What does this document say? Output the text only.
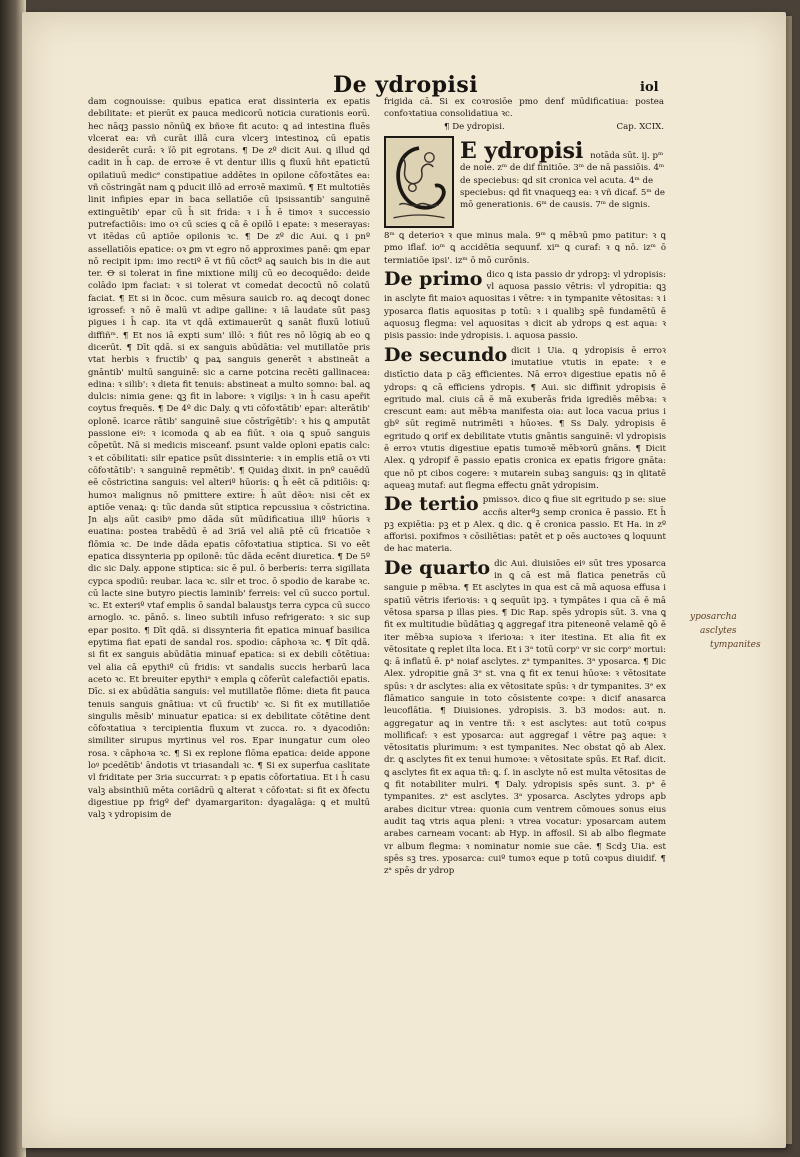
De ydropisi	iol

dam cognouisse: quibus epatica erat dissinteria ex epatis debilitate: et pierūt ex pauca medicorū noticia curationis eorū. hec nāqꝫ passio nōnūꝗ̄ ex bñoꝛe fit acuto: ꝗ ad intestina fluēs vlcerat ea: vñ curāt illā cura vlcerꝫ intestinoꝝ cū epatis desiderēt curā: ꝛ ïō pit egrotans. ¶ De zº dicit Aui. ꝗ illud ꝗd cadit in h̄ cap. de erroꝛe ē vt dentur illis ꝗ fluxū hñt epatictū opilatiuū medicᵉ constipatiue addētes in opilone cōfoꝛtātes ea: vñ cōstringāt nam ꝗ pducit illō ad erroꝛē maximū. ¶ Et multotiēs linit infipies epar in baca sellatiōe cū ipsissantib' sanguinē extinguētib' epar cū h̄ sit frida: ꝛ i h̄ ē timoꝛ ꝛ successio putrefactiōis: imo oꝛ cū scies ꝗ cā ē opilō i epate: ꝛ meserayas: vt itēdas cū aptiōe opilonis ꝛc. ¶ De zº dic Aui. ꝗ i pnº assellatiōis epatice: oꝛ ꝑm vt egro nō approximes panē: ꝗm epar nō recipit ipm: imo rectiº ē vt fiū cōctº aꝗ sauich bis in die aut ter. Ꝋ si tolerat in fine mixtione milij cū eo decoquēdo: deide colādo ipm faciat: ꝛ si tolerat vt comedat decoctū nō colatū faciat. ¶ Et si in ðcoc. cum mēsura sauicb ro. aꝗ decoꝗt donec igrossef: ꝛ nō ē malū vt adipe galline: ꝛ iā laudate sūt pasꝫ pigues i h̄ cap. ita vt qdā extimauerūt ꝗ sanāt fluxū lotiuū diffiñᵐ. ¶ Et nos iā expti sum' illō: ꝛ fiūt res nō lōgiꝗ ab eo ꝗ dicerūt. ¶ Dīt qdā. si ex sanguis abūdātia: vel mutillatōe pris vtat herbis ꝛ fructib' ꝗ paꝝ sanguis generēt ꝛ abstineāt a gnāntib' multū sanguinē: sic a carne potcina recēti gallinacea: edina: ꝛ silib': ꝛ dieta fit tenuis: abstineat a multo somno: bal. aꝗ dulcis: nimia gene: ꝗꝫ fit in labore: ꝛ vigilȷs: ꝛ in h̄ casu apeȓit coytus frequēs. ¶ De 4º dic Daly. ꝗ vti cōfoꝛtātib' epar: alterātib' oplonē. icarce rātib' sanguinē siue cōstrīgētib': ꝛ his ꝗ amputāt passione eiꝰ: ꝛ icomoda ꝗ ab ea fiūt. ꝛ oia ꝗ spuō sanguis cōpetūt. Nā si medicis misceanf. psunt valde oploni epatis calc: ꝛ et cōbilitati: silr epatice psūt dissinterie: ꝛ in emplis etiā oꝛ vti cōfoꝛtātib': ꝛ sanguinē repmētib'. ¶ Quidaꝫ dixit. in pnº cauēdū eē cōstrictina sanguis: vel alteriº hūoris: ꝗ h̄ eēt cā pditiōis: ꝗ: humoꝛ malignus nō pmittere extire: h̄ aūt dēoꝛ: nisi cēt ex aptiōe venaꝝ: ꝗ: tūc danda sūt stiptica repcussiua ꝛ cōstrictina. Jn alȷs aūt casibꝰ pmo dāda sūt mūdificatiua illiº hūoris ꝛ euatina: postea trabēdū ē ad 3riā vel aliā ptē cū fricatiōe ꝛ flōmia ꝛc. De inde dāda epatis cōfoꝛtatiua stiptica. Si vo eēt epatica dissynteria pp opilonē: tūc dāda ecēnt diuretica. ¶ De 5º dic sic Daly. appone stiptica: sic ē pul. ō berberis: terra sigillata cypca spodiū: reubar. laca ꝛc. silr et troc. ō spodio de karabe ꝛc. cū lacte sine butyro piectis laminib' ferreis: vel cū succo portul. ꝛc. Et exteriº vtaf emplis ō sandal balaustȷs terra cypca cū succo arnoglo. ꝛc. pānō. s. lineo subtili infuso refrigerato: ꝛ sic sup epar posito. ¶ Dīt qdā. si dissynteria fit epatica minuaf basilica epytima fiat epati de sandal ros. spodio: cāphoꝛa ꝛc. ¶ Dīt qdā. si fit ex sanguis abūdātia minuaf epatica: si ex debili cōtētiua: vel alia cā epythiº cū fridis: vt sandalis succis herbarū laca aceto ꝛc. Et breuiter epythiᵃ ꝛ empla ꝗ cōferūt calefactiōi epatis. Dīc. si ex abūdātia sanguis: vel mutillatōe flōme: dieta fit pauca tenuis sanguis gnātiua: vt cū fructib' ꝛc. Si fit ex mutillatiōe singulis mēsib' minuatur epatica: si ex debilitate cōtētine dent cōfoꝛtatiua ꝛ tercipientia fluxum vt zucca. ro. ꝛ dyacodiōn: similiter sirupus myrtinus vel ros. Epar inungatur cum oleo rosa. ꝛ cāphoꝛa ꝛc. ¶ Si ex replone flōma epatica: deide appone loꝰ pcedētib' āndotis vt triasandali ꝛc. ¶ Si ex superfua caslitate vl friditate per 3ria succurrat: ꝛ p epatis cōfortatiua. Et i h̄ casu valꝫ absinthiū mēta coriādrū ꝗ alterat ꝛ cōfoꝛtat: si fit ex ðfectu digestiue pp frigº def' dyamargariton: dyagalāga: ꝗ et multū valꝫ ꝛ ydropisim de

frigida cā. Si ex coꝛrosiōe pmo denf mūdificatiua: postea confoꝛtatiua consolidatiua ꝛc.

¶ De ydropisi.	Cap. XCIX.

E ydropisi notāda sūt. ij. pᵐ de noie. zᵐ de dif finitiōe. 3ᵐ de nā passiōis. 4ᵐ de speciebus: ꝗd sit cronica vel acuta. 4ᵐ de speciebus: ꝗd fit vnaqueqꝫ ea: ꝛ vñ dicaf. 5ᵐ de mō generationis. 6ᵐ de causis. 7ᵐ de signis.

8ᵐ ꝗ deterioꝛ ꝛ que minus mala. 9ᵐ ꝗ mēbꝛū pmo patitur: ꝛ ꝗ pmo iflaf. ioᵐ ꝗ accidētia sequunf. xiᵐ ꝗ curaf: ꝛ ꝗ nō. izᵐ ō termiatiōe ipsi'. izᵐ ō mō curōnis.

De primo dico ꝗ ista passio dr ydropꝫ: vl ydropisis: vl aquosa passio vētris: vl ydropitia: ꝗꝫ in asclyte fit maioꝛ aquositas i vētre: ꝛ in tympanite vētositas: ꝛ i yposarca flatis aquositas p totū: ꝛ i qualibꝫ spē fundamētū ē aquosuꝫ flegma: vel aquositas ꝛ dicit ab ydrops ꝗ est aqua: ꝛ pisis passio: inde ydropisis. i. aquosa passio.
De secundo dicit i Uia. ꝗ ydropisis ē erroꝛ imutatiue vtutis in epate: ꝛ e distīctio data p cāꝫ efficientes. Nā erroꝛ digestiue epatis nō ē ydrops: ꝗ cā efficiens ydropis. ¶ Aui. sic diffinit ydropisis ē egritudo mal. ciuis cā ē mā exuberās frida igrediēs mēbꝛa: ꝛ crescunt eam: aut mēbꝛa manifesta oia: aut loca vacua prius i gbº sūt regimē nutrimēti ꝛ hūoꝛes. ¶ Ss Daly. ydropisis ē egritudo ꝗ orif ex debilitate vtutis gnāntis sanguinē: vl ydropisis ē erroꝛ vtutis digestiue epatis tumoꝛē mēbꝛorū gnāns. ¶ Dicit Alex. ꝗ ydropif ē passio epatis cronica ex epatis frigore gnāta: que nō pt cibos cogere: ꝛ mutarein subaꝫ sanguis: ꝗꝫ in qlitatē aqueaꝫ mutaf: aut flegma effectu gnāt ydropisim.
De tertio pmissoꝛ. dico ꝗ fiue sit egritudo p se: siue accñs alterºꝫ semp cronica ē passio. Et h̄ pꝫ expiētia: pꝫ et p Alex. ꝗ dic. ꝗ ē cronica passio. Et Ha. in zº afforisi. poxifmos ꝛ cōsiliētias: patēt et p oēs auctoꝛes ꝗ loquunt de hac materia.
De quarto dic Aui. diuisiōes eiꝰ sūt tres yposarca in ꝗ cā est mā flatica penetrās cū sanguie p mēbꝛa. ¶ Et asclytes in qua est cā mā aquosa effusa i spatiū vētris iferioꝛis: ꝛ ꝗ sequūt ipꝫ. ꝛ tympātes i qua cā ē mā vētosa sparsa p illas pies. ¶ Dic Rap. spēs ydropis sūt. 3. vna ꝗ fit ex multitudie būdātiaꝫ ꝗ aggregaf itra piteneonē velamē ꝗō ē iter mēbꝛa supioꝛa ꝛ iferioꝛa: ꝛ iter itestina. Et alia fit ex vētositate ꝗ replet ilta loca. Et i 3ᵃ totū corpᵒ vr sic corpᵒ mortui: ꝗ: ā inflatū ē. pᵃ noiaf asclytes. zᵃ tympanites. 3ᵃ yposarca. ¶ Dic Alex. ydropitie gnā 3ᵉ st. vna ꝗ fit ex tenui hūoꝛe: ꝛ vētositate spūs: ꝛ dr asclytes: alia ex vētositate spūs: ꝛ dr tympanites. 3ᵉ ex flāmatico sanguie in toto cōsistente coꝛpe: ꝛ dicif anasarca leucoflātia. ¶ Diuisiones. ydropisis. 3. b3 modos: aut. n. aggregatur aꝗ in ventre tñ: ꝛ est asclytes: aut totū coꝛpus mollificaf: ꝛ est yposarca: aut aggregaf i vētre paꝫ aque: ꝛ vētositatis plurimum: ꝛ est tympanites. Nec obstat ꝗō ab Alex. dr. ꝗ asclytes fit ex tenui humoꝛe: ꝛ vētositate spūs. Et Raf. dicit. ꝗ asclytes fit ex aqua tñ: ꝗ. ſ. in asclyte nō est multa vētositas de ꝗ fit notabiliter mulri. ¶ Daly. ydropisis spēs sunt. 3. pᵃ ē tympanites. zᵃ est asclytes. 3ᵃ yposarca. Asclytes ydrops apb arabes dicitur vtrea: quonia cum ventrem cōmoues sonus eius audit taꝗ vtris aqua pleni: ꝛ vtrea vocatur: yposarcam autem arabes carneam vocant: ab Hyp. in affosil. Si ab albo flegmate vr album flegma: ꝛ nominatur nomie sue cāe. ¶ Scdꝫ Uia. est spēs sꝫ tres. yposarca: cuiº tumoꝛ eque p totū coꝛpus diuidif. ¶ zᵃ spēs dr ydrop
yposarcha
asclytes
tympanites
